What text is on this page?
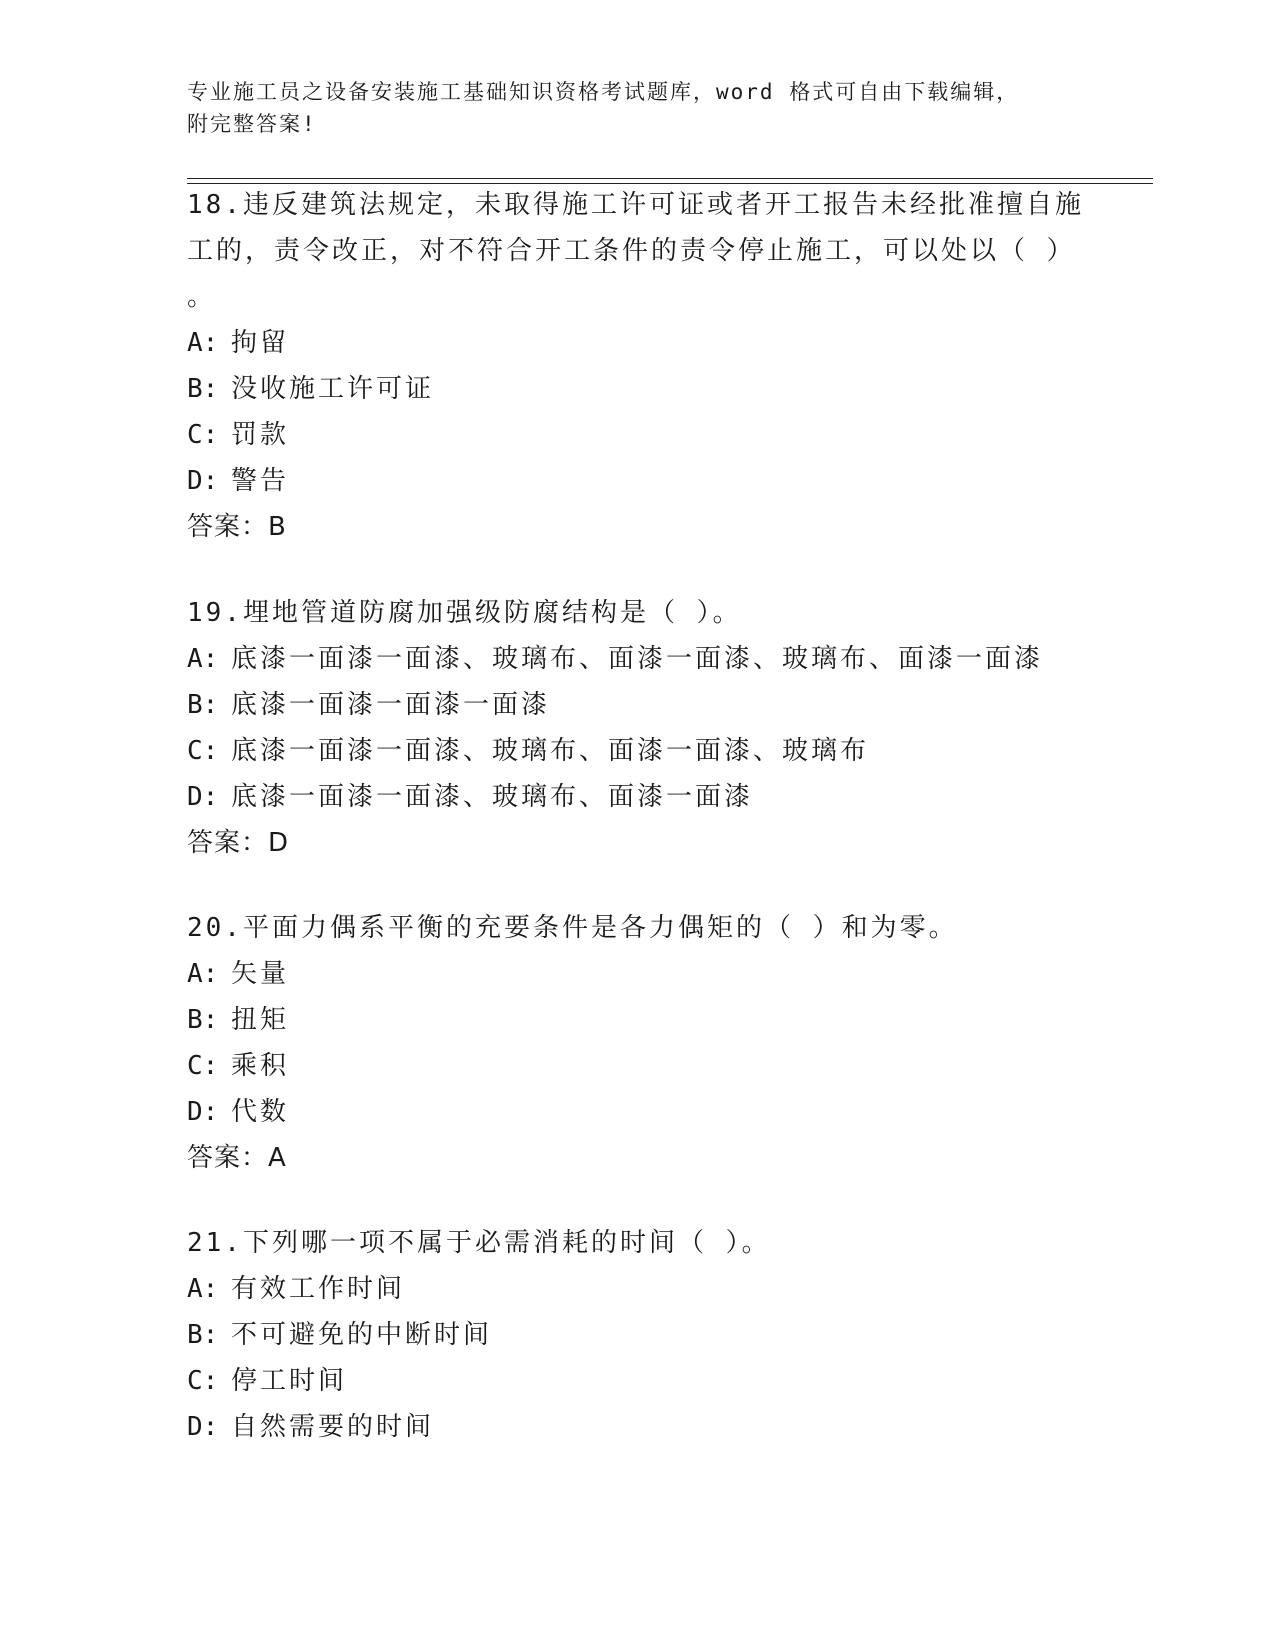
专业施工员之设备安装施工基础知识资格考试题库，word 格式可自由下载编辑，
附完整答案!
18.违反建筑法规定，未取得施工许可证或者开工报告未经批准擅自施
工的，责令改正，对不符合开工条件的责令停止施工，可以处以（ ）
。
A: 拘留
B: 没收施工许可证
C: 罚款
D: 警告
答案：B
19.埋地管道防腐加强级防腐结构是（ ）。
A: 底漆一面漆一面漆、玻璃布、面漆一面漆、玻璃布、面漆一面漆
B: 底漆一面漆一面漆一面漆
C: 底漆一面漆一面漆、玻璃布、面漆一面漆、玻璃布
D: 底漆一面漆一面漆、玻璃布、面漆一面漆
答案：D
20.平面力偶系平衡的充要条件是各力偶矩的（ ）和为零。
A: 矢量
B: 扭矩
C: 乘积
D: 代数
答案：A
21.下列哪一项不属于必需消耗的时间（ ）。
A: 有效工作时间
B: 不可避免的中断时间
C: 停工时间
D: 自然需要的时间
